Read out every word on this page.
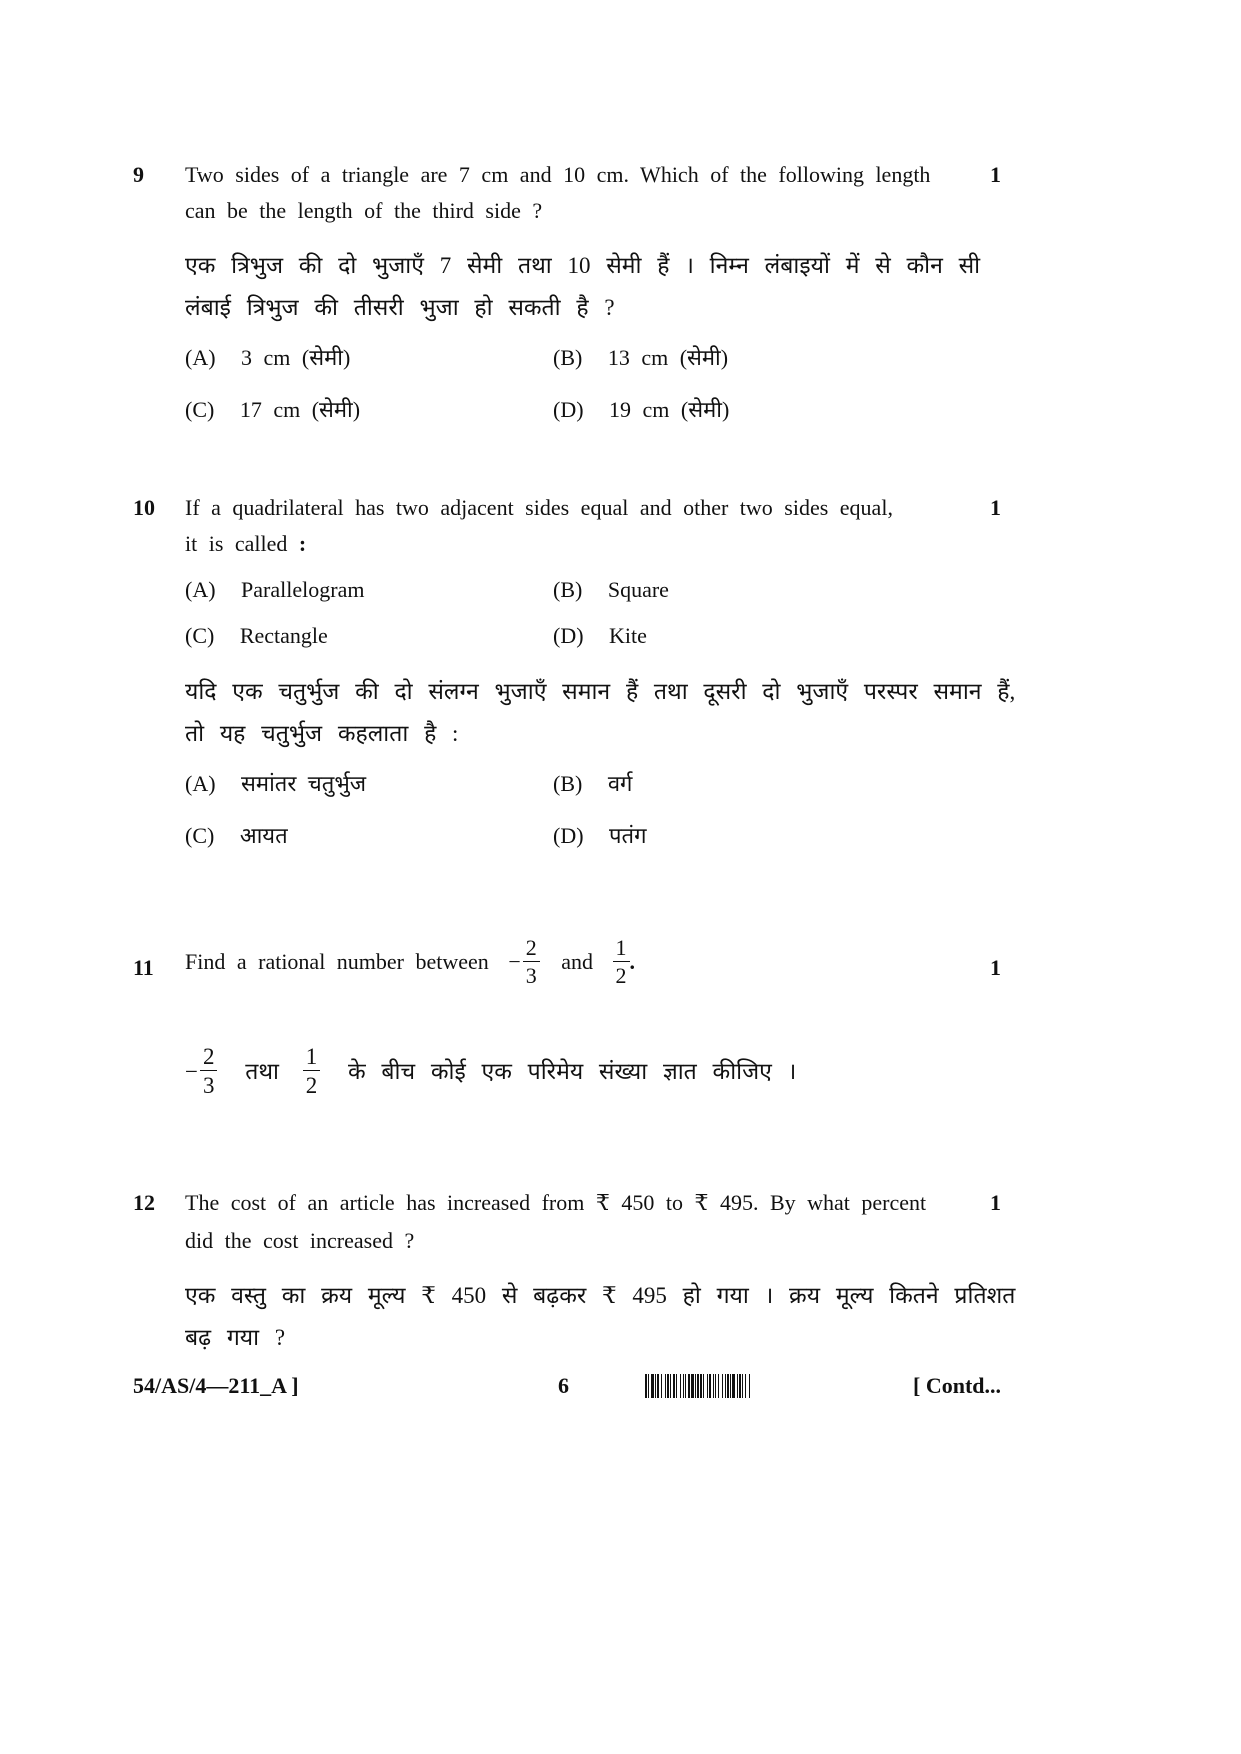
9	1
Two sides of a triangle are 7 cm and 10 cm. Which of the following length
can be the length of the third side ?
एक त्रिभुज की दो भुजाएँ 7 सेमी तथा 10 सेमी हैं । निम्न लंबाइयों में से कौन सी
लंबाई त्रिभुज की तीसरी भुजा हो सकती है ?
(A) 3 cm (सेमी)	(B) 13 cm (सेमी)
(C) 17 cm (सेमी)	(D) 19 cm (सेमी)
10	1
If a quadrilateral has two adjacent sides equal and other two sides equal,
it is called :
(A) Parallelogram	(B) Square
(C) Rectangle	(D) Kite
यदि एक चतुर्भुज की दो संलग्न भुजाएँ समान हैं तथा दूसरी दो भुजाएँ परस्पर समान हैं,
तो यह चतुर्भुज कहलाता है :
(A) समांतर चतुर्भुज	(B) वर्ग
(C) आयत	(D) पतंग
11	1
Find a rational number between − $\frac{2}{3}$ and $\frac{1}{2}$ .
− $\frac{2}{3}$ तथा $\frac{1}{2}$ के बीच कोई एक परिमेय संख्या ज्ञात कीजिए ।
12	1
The cost of an article has increased from ₹ 450 to ₹ 495. By what percent
did the cost increased ?
एक वस्तु का क्रय मूल्य ₹ 450 से बढ़कर ₹ 495 हो गया । क्रय मूल्य कितने प्रतिशत
बढ़ गया ?
54/AS/4—211_A ]	6	[ Contd...
